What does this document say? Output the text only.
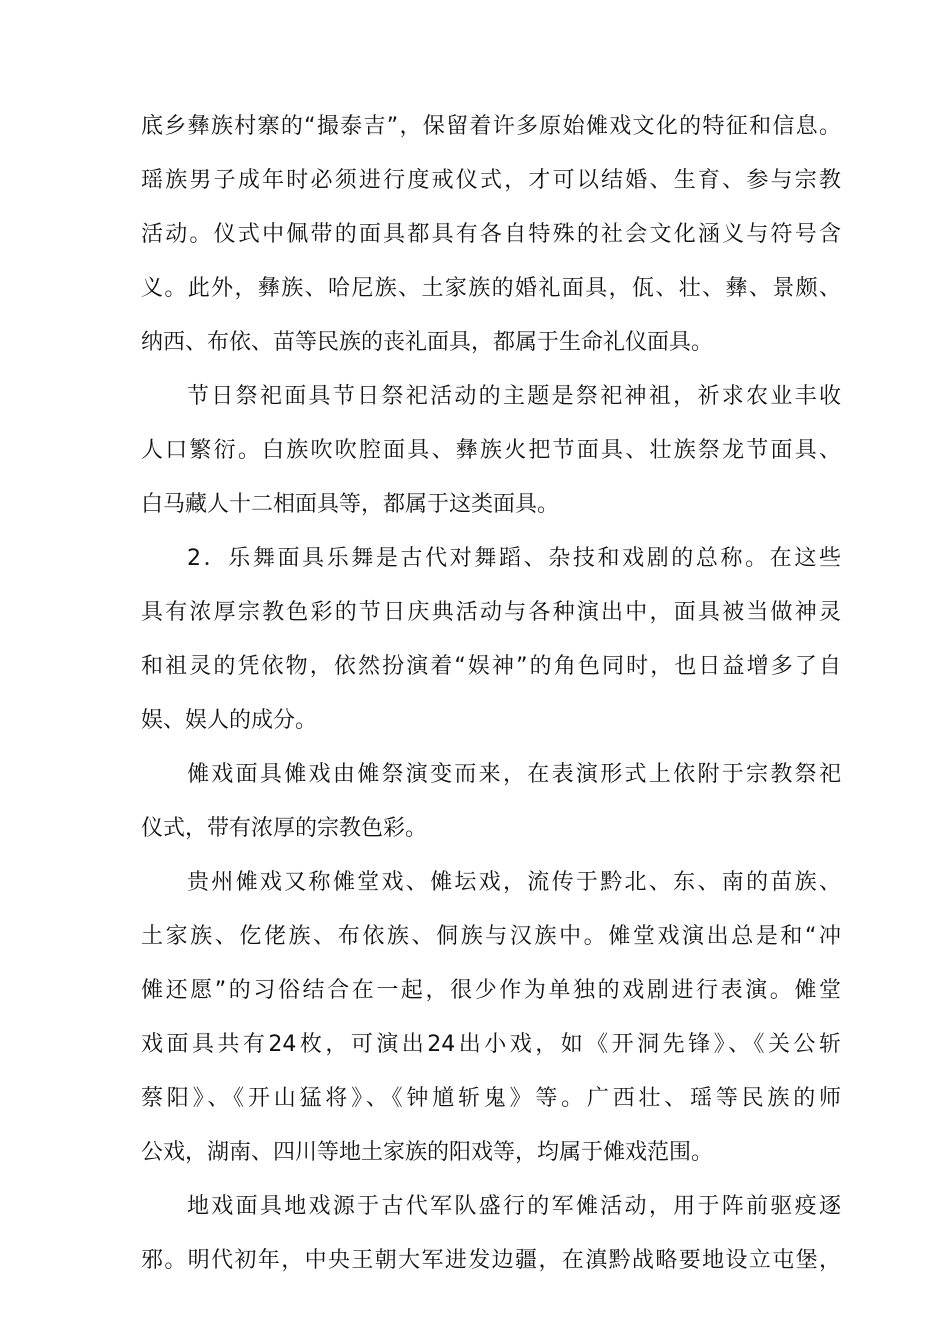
底乡彝族村寨的“撮泰吉”，保留着许多原始傩戏文化的特征和信息。
瑶族男子成年时必须进行度戒仪式，才可以结婚、生育、参与宗教
活动。仪式中佩带的面具都具有各自特殊的社会文化涵义与符号含
义。此外，彝族、哈尼族、土家族的婚礼面具，佤、壮、彝、景颇、
纳西、布依、苗等民族的丧礼面具，都属于生命礼仪面具。
节日祭祀面具节日祭祀活动的主题是祭祀神祖，祈求农业丰收
人口繁衍。白族吹吹腔面具、彝族火把节面具、壮族祭龙节面具、
白马藏人十二相面具等，都属于这类面具。
2．乐舞面具乐舞是古代对舞蹈、杂技和戏剧的总称。在这些
具有浓厚宗教色彩的节日庆典活动与各种演出中，面具被当做神灵
和祖灵的凭依物，依然扮演着“娱神”的角色同时，也日益增多了自
娱、娱人的成分。
傩戏面具傩戏由傩祭演变而来，在表演形式上依附于宗教祭祀
仪式，带有浓厚的宗教色彩。
贵州傩戏又称傩堂戏、傩坛戏，流传于黔北、东、南的苗族、
土家族、仡佬族、布依族、侗族与汉族中。傩堂戏演出总是和“冲
傩还愿”的习俗结合在一起，很少作为单独的戏剧进行表演。傩堂
戏面具共有24枚，可演出24出小戏，如《开洞先锋》、《关公斩
蔡阳》、《开山猛将》、《钟馗斩鬼》等。广西壮、瑶等民族的师
公戏，湖南、四川等地土家族的阳戏等，均属于傩戏范围。
地戏面具地戏源于古代军队盛行的军傩活动，用于阵前驱疫逐
邪。明代初年，中央王朝大军进发边疆，在滇黔战略要地设立屯堡，
